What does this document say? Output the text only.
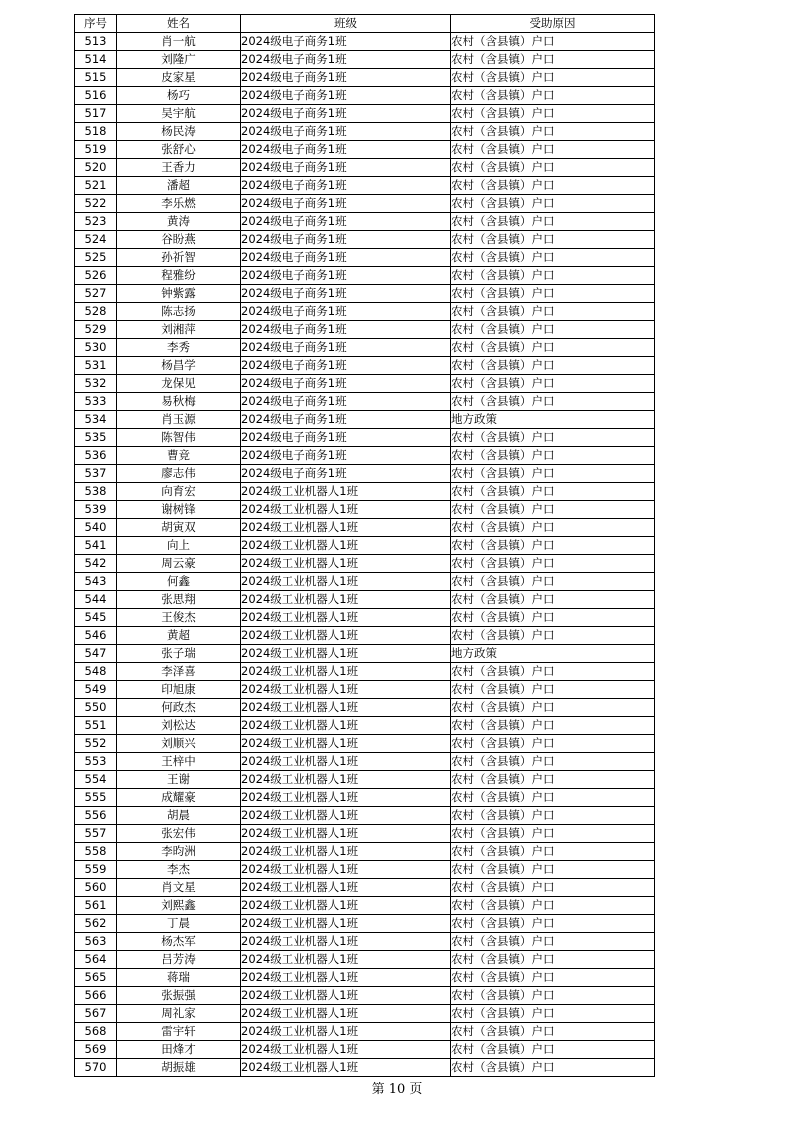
序号	姓名	班级	受助原因
513	肖一航	2024级电子商务1班	农村（含县镇）户口
514	刘隆广	2024级电子商务1班	农村（含县镇）户口
515	皮家星	2024级电子商务1班	农村（含县镇）户口
516	杨巧	2024级电子商务1班	农村（含县镇）户口
517	吴宇航	2024级电子商务1班	农村（含县镇）户口
518	杨民涛	2024级电子商务1班	农村（含县镇）户口
519	张舒心	2024级电子商务1班	农村（含县镇）户口
520	王香力	2024级电子商务1班	农村（含县镇）户口
521	潘超	2024级电子商务1班	农村（含县镇）户口
522	李乐燃	2024级电子商务1班	农村（含县镇）户口
523	黄涛	2024级电子商务1班	农村（含县镇）户口
524	谷盼燕	2024级电子商务1班	农村（含县镇）户口
525	孙祈智	2024级电子商务1班	农村（含县镇）户口
526	程雅纷	2024级电子商务1班	农村（含县镇）户口
527	钟紫露	2024级电子商务1班	农村（含县镇）户口
528	陈志扬	2024级电子商务1班	农村（含县镇）户口
529	刘湘萍	2024级电子商务1班	农村（含县镇）户口
530	李秀	2024级电子商务1班	农村（含县镇）户口
531	杨昌学	2024级电子商务1班	农村（含县镇）户口
532	龙保见	2024级电子商务1班	农村（含县镇）户口
533	易秋梅	2024级电子商务1班	农村（含县镇）户口
534	肖玉源	2024级电子商务1班	地方政策
535	陈智伟	2024级电子商务1班	农村（含县镇）户口
536	曹竞	2024级电子商务1班	农村（含县镇）户口
537	廖志伟	2024级电子商务1班	农村（含县镇）户口
538	向育宏	2024级工业机器人1班	农村（含县镇）户口
539	谢树锋	2024级工业机器人1班	农村（含县镇）户口
540	胡寅双	2024级工业机器人1班	农村（含县镇）户口
541	向上	2024级工业机器人1班	农村（含县镇）户口
542	周云豪	2024级工业机器人1班	农村（含县镇）户口
543	何鑫	2024级工业机器人1班	农村（含县镇）户口
544	张思翔	2024级工业机器人1班	农村（含县镇）户口
545	王俊杰	2024级工业机器人1班	农村（含县镇）户口
546	黄超	2024级工业机器人1班	农村（含县镇）户口
547	张子瑞	2024级工业机器人1班	地方政策
548	李泽喜	2024级工业机器人1班	农村（含县镇）户口
549	印旭康	2024级工业机器人1班	农村（含县镇）户口
550	何政杰	2024级工业机器人1班	农村（含县镇）户口
551	刘松达	2024级工业机器人1班	农村（含县镇）户口
552	刘顺兴	2024级工业机器人1班	农村（含县镇）户口
553	王梓中	2024级工业机器人1班	农村（含县镇）户口
554	王谢	2024级工业机器人1班	农村（含县镇）户口
555	成耀豪	2024级工业机器人1班	农村（含县镇）户口
556	胡晨	2024级工业机器人1班	农村（含县镇）户口
557	张宏伟	2024级工业机器人1班	农村（含县镇）户口
558	李昀洲	2024级工业机器人1班	农村（含县镇）户口
559	李杰	2024级工业机器人1班	农村（含县镇）户口
560	肖文星	2024级工业机器人1班	农村（含县镇）户口
561	刘熙鑫	2024级工业机器人1班	农村（含县镇）户口
562	丁晨	2024级工业机器人1班	农村（含县镇）户口
563	杨杰军	2024级工业机器人1班	农村（含县镇）户口
564	吕芳涛	2024级工业机器人1班	农村（含县镇）户口
565	蒋瑞	2024级工业机器人1班	农村（含县镇）户口
566	张振强	2024级工业机器人1班	农村（含县镇）户口
567	周礼家	2024级工业机器人1班	农村（含县镇）户口
568	雷宇轩	2024级工业机器人1班	农村（含县镇）户口
569	田烽才	2024级工业机器人1班	农村（含县镇）户口
570	胡振雄	2024级工业机器人1班	农村（含县镇）户口
第 10 页
